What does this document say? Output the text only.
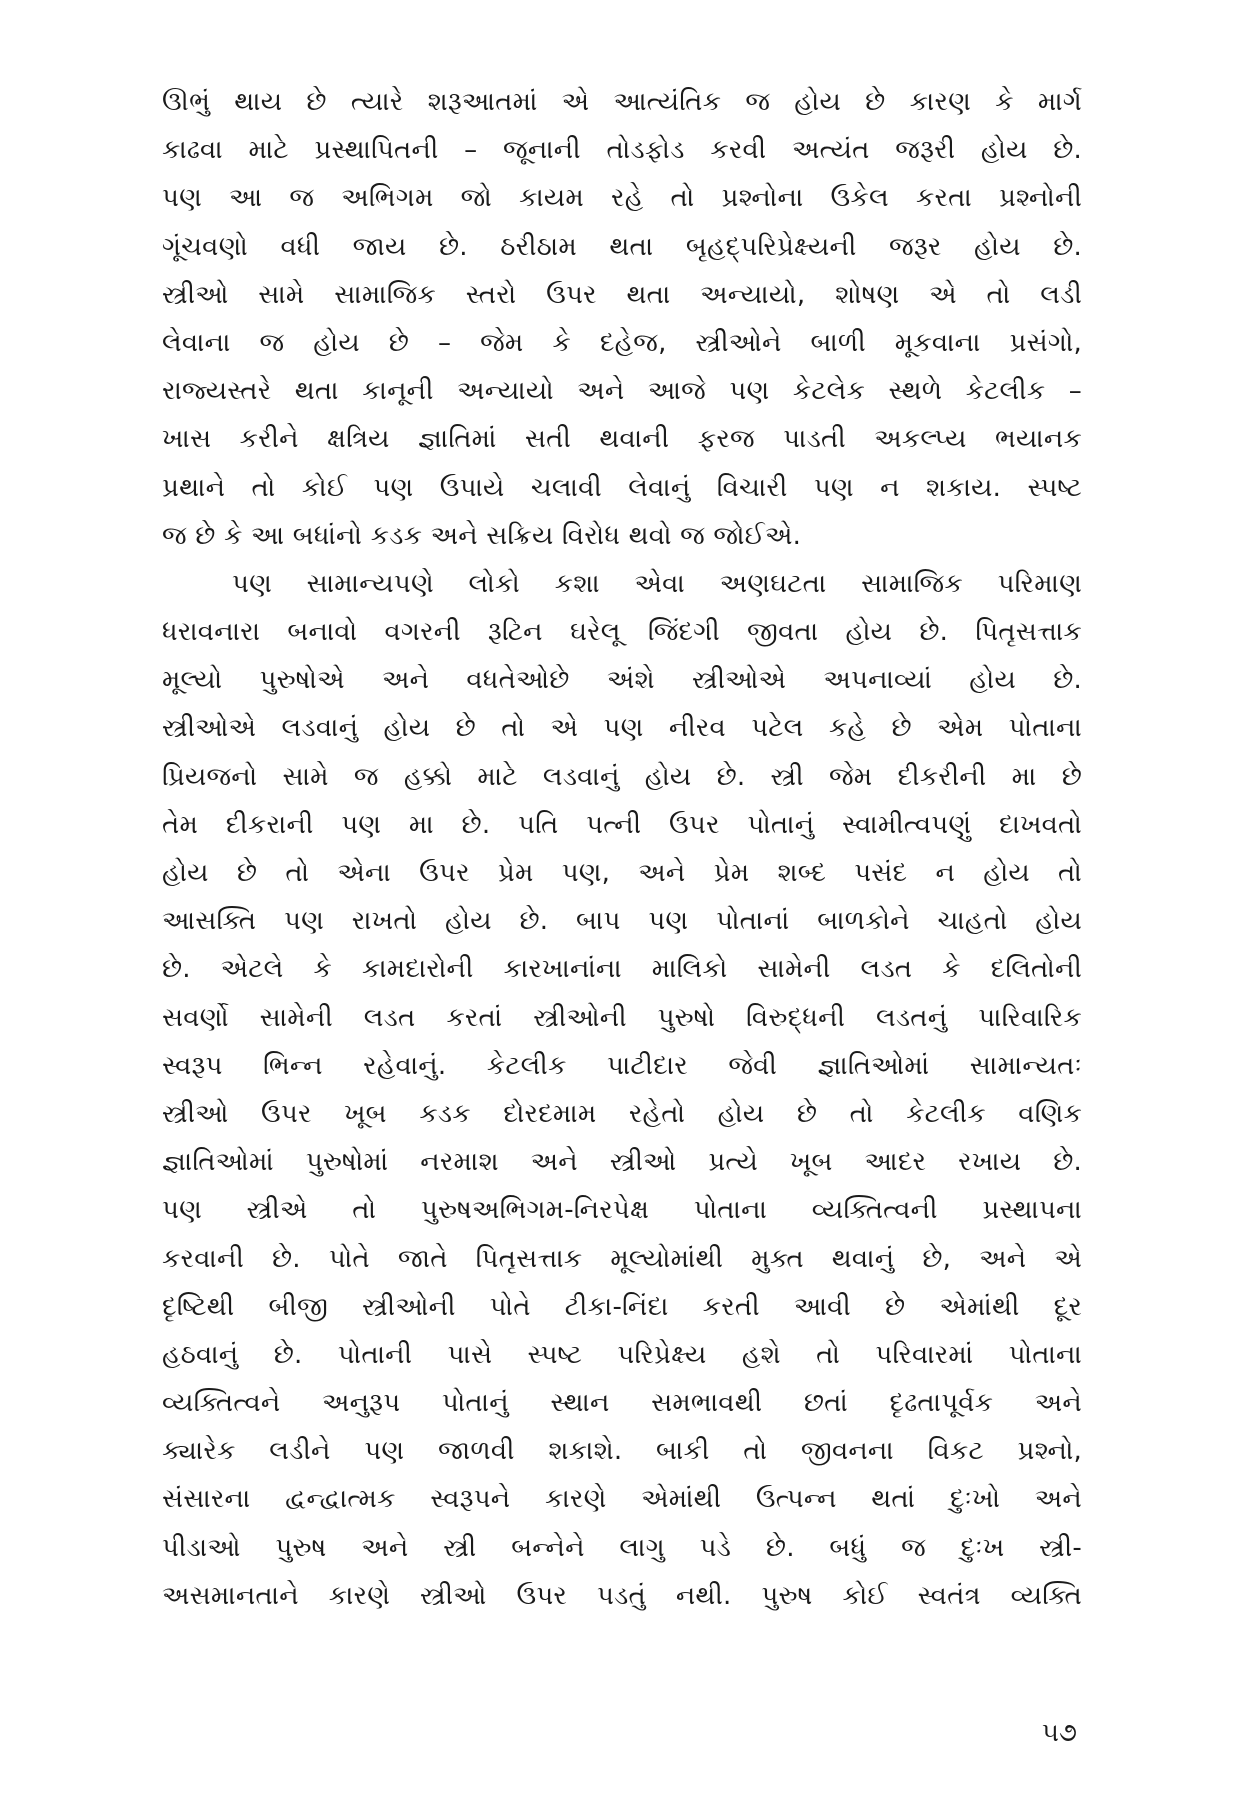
ઊભું થાય છે ત્યારે શરૂઆતમાં એ આત્યંતિક જ હોય છે કારણ કે માર્ગ
કાઢવા માટે પ્રસ્થાપિતની – જૂનાની તોડફોડ કરવી અત્યંત જરૂરી હોય છે.
પણ આ જ અભિગમ જો કાયમ રહે તો પ્રશ્નોના ઉકેલ કરતા પ્રશ્નોની
ગૂંચવણો વધી જાય છે. ઠરીઠામ થતા બૃહદ્પરિપ્રેક્ષ્યની જરૂર હોય છે.
સ્ત્રીઓ સામે સામાજિક સ્તરો ઉપર થતા અન્યાયો, શોષણ એ તો લડી
લેવાના જ હોય છે – જેમ કે દહેજ, સ્ત્રીઓને બાળી મૂકવાના પ્રસંગો,
રાજ્યસ્તરે થતા કાનૂની અન્યાયો અને આજે પણ કેટલેક સ્થળે કેટલીક –
ખાસ કરીને ક્ષત્રિય જ્ઞાતિમાં સતી થવાની ફરજ પાડતી અકલ્પ્ય ભયાનક
પ્રથાને તો કોઈ પણ ઉપાયે ચલાવી લેવાનું વિચારી પણ ન શકાય. સ્પષ્ટ
જ છે કે આ બધાંનો કડક અને સક્રિય વિરોધ થવો જ જોઈએ.
પણ સામાન્યપણે લોકો કશા એવા અણઘટતા સામાજિક પરિમાણ
ધરાવનારા બનાવો વગરની રૂટિન ઘરેલૂ જિંદગી જીવતા હોય છે. પિતૃસત્તાક
મૂલ્યો પુરુષોએ અને વધતેઓછે અંશે સ્ત્રીઓએ અપનાવ્યાં હોય છે.
સ્ત્રીઓએ લડવાનું હોય છે તો એ પણ નીરવ પટેલ કહે છે એમ પોતાના
પ્રિયજનો સામે જ હક્કો માટે લડવાનું હોય છે. સ્ત્રી જેમ દીકરીની મા છે
તેમ દીકરાની પણ મા છે. પતિ પત્ની ઉપર પોતાનું સ્વામીત્વપણું દાખવતો
હોય છે તો એના ઉપર પ્રેમ પણ, અને પ્રેમ શબ્દ પસંદ ન હોય તો
આસક્તિ પણ રાખતો હોય છે. બાપ પણ પોતાનાં બાળકોને ચાહતો હોય
છે. એટલે કે કામદારોની કારખાનાંના માલિકો સામેની લડત કે દલિતોની
સવર્ણો સામેની લડત કરતાં સ્ત્રીઓની પુરુષો વિરુદ્ધની લડતનું પારિવારિક
સ્વરૂપ ભિન્ન રહેવાનું. કેટલીક પાટીદાર જેવી જ્ઞાતિઓમાં સામાન્યતઃ
સ્ત્રીઓ ઉપર ખૂબ કડક દોરદમામ રહેતો હોય છે તો કેટલીક વણિક
જ્ઞાતિઓમાં પુરુષોમાં નરમાશ અને સ્ત્રીઓ પ્રત્યે ખૂબ આદર રખાય છે.
પણ સ્ત્રીએ તો પુરુષઅભિગમ-નિરપેક્ષ પોતાના વ્યક્તિત્વની પ્રસ્થાપના
કરવાની છે. પોતે જાતે પિતૃસત્તાક મૂલ્યોમાંથી મુક્ત થવાનું છે, અને એ
દૃષ્ટિથી બીજી સ્ત્રીઓની પોતે ટીકા-નિંદા કરતી આવી છે એમાંથી દૂર
હઠવાનું છે. પોતાની પાસે સ્પષ્ટ પરિપ્રેક્ષ્ય હશે તો પરિવારમાં પોતાના
વ્યક્તિત્વને અનુરૂપ પોતાનું સ્થાન સમભાવથી છતાં દૃઢતાપૂર્વક અને
ક્યારેક લડીને પણ જાળવી શકાશે. બાકી તો જીવનના વિકટ પ્રશ્નો,
સંસારના દ્વન્દ્વાત્મક સ્વરૂપને કારણે એમાંથી ઉત્પન્ન થતાં દુઃખો અને
પીડાઓ પુરુષ અને સ્ત્રી બન્નેને લાગુ પડે છે. બધું જ દુઃખ સ્ત્રી-
અસમાનતાને કારણે સ્ત્રીઓ ઉપર પડતું નથી. પુરુષ કોઈ સ્વતંત્ર વ્યક્તિ
૫૭
